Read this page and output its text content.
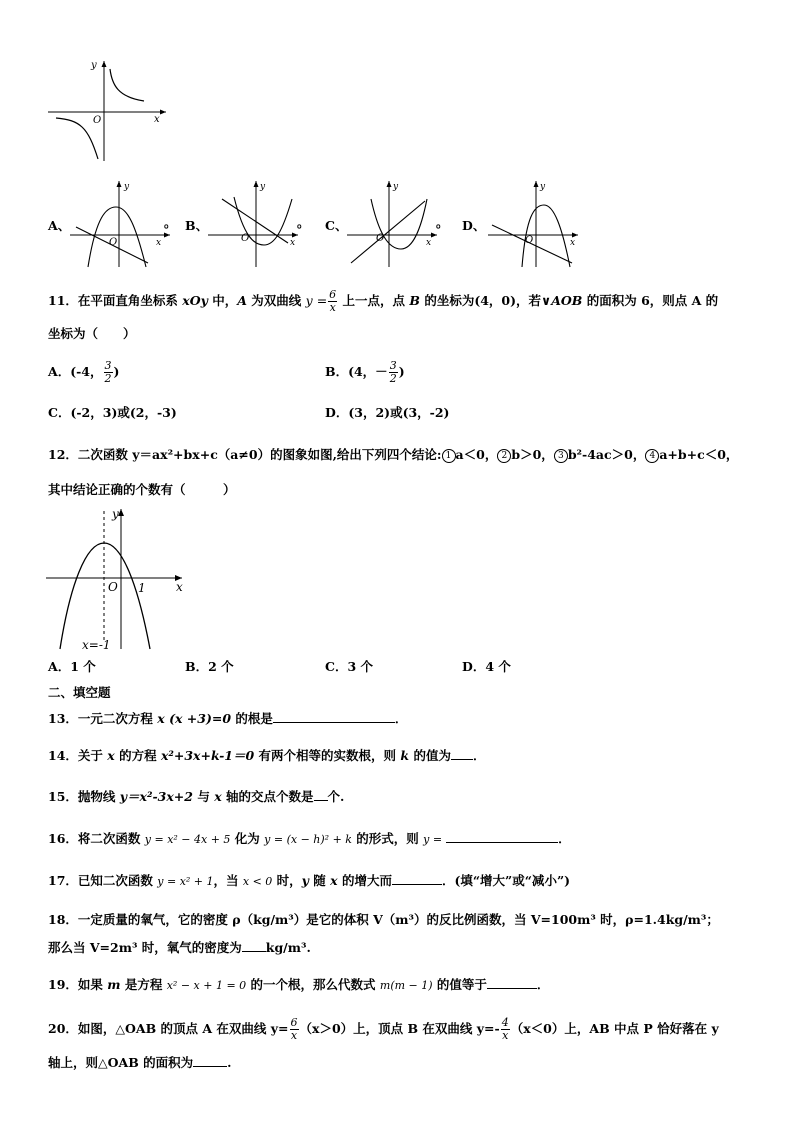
y
O	x
A、
y
O	x
。 B、
y
O	x
。 C、
y
O	x
。 D、
y
O	x
11．在平面直角坐标系 xOy 中，A 为双曲线 $y = \frac{6}{x}$ 上一点，点 B 的坐标为(4，0)，若∨AOB 的面积为 6，则点 A 的
坐标为（　　）
A．(-4， $\frac{3}{2}$ )	B．(4，－ $\frac{3}{2}$ )
C．(-2，3)或(2，-3)	D．(3，2)或(3，-2)
12．二次函数 y＝ax²+bx+c（a≠0）的图象如图,给出下列四个结论: 1 a＜0， 2 b＞0， 3 b²-4ac＞0， 4 a+b+c＜0，
其中结论正确的个数有（　　　）
y
x
O 1
x=-1
A．1 个	B．2 个	C．3 个	D．4 个
二、填空题
13．一元二次方程 x (x +3)=0 的根是	．
14．关于 x 的方程 x²+3x+k-1＝0 有两个相等的实数根，则 k 的值为 ．
15．抛物线 y＝x²-3x+2 与 x 轴的交点个数是 个.
16．将二次函数 y = x² − 4x + 5 化为 y = (x − h)² + k 的形式，则 y =	．
17．已知二次函数 y = x² + 1，当 x < 0 时，y 随 x 的增大而	．(填“增大”或“减小”)
18．一定质量的氧气，它的密度 ρ（kg/m³）是它的体积 V（m³）的反比例函数，当 V=100m³ 时，ρ=1.4kg/m³；
那么当 V=2m³ 时，氧气的密度为 kg/m³.
19．如果 m 是方程 x² − x + 1 = 0 的一个根，那么代数式 m(m − 1) 的值等于	．
20．如图，△OAB 的顶点 A 在双曲线 $y= \frac{6}{x} (x>0)$上，顶点 B 在双曲线 $y=- \frac{4}{x} (x<0)$上，AB 中点 P 恰好落在 y
轴上，则△OAB 的面积为	.
